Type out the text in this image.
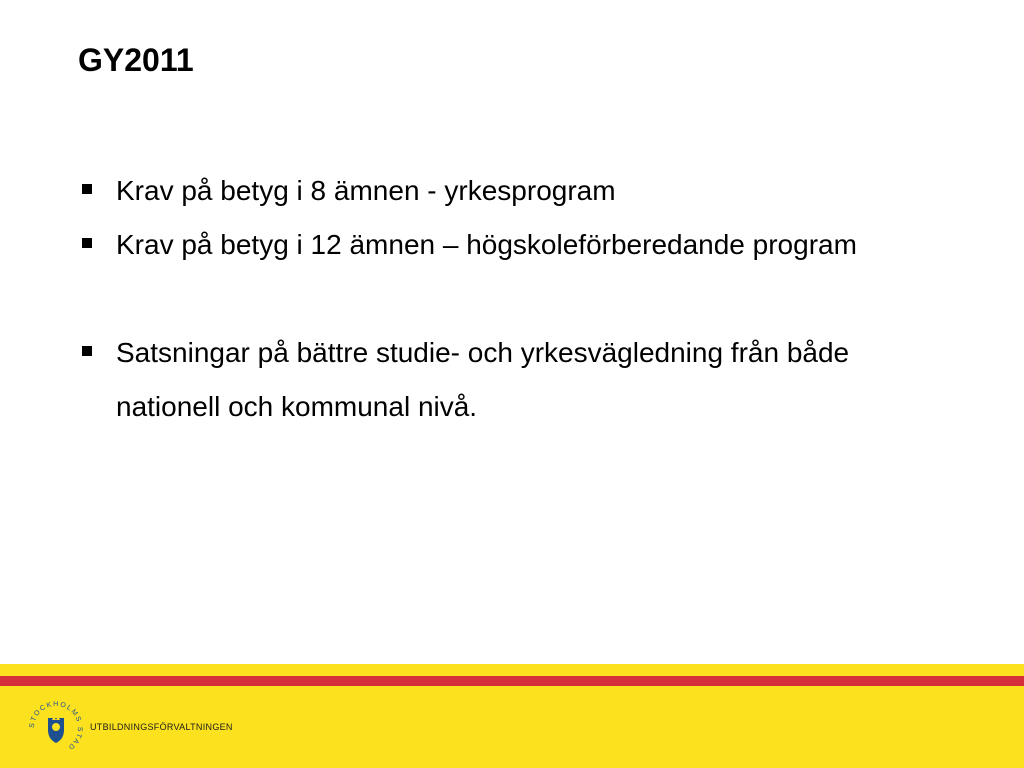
GY2011
Krav på betyg i 8 ämnen - yrkesprogram
Krav på betyg i 12 ämnen – högskoleförberedande program
Satsningar på bättre studie- och yrkesvägledning från både nationell och kommunal nivå.
STOCKHOLMS STAD
UTBILDNINGSFÖRVALTNINGEN
